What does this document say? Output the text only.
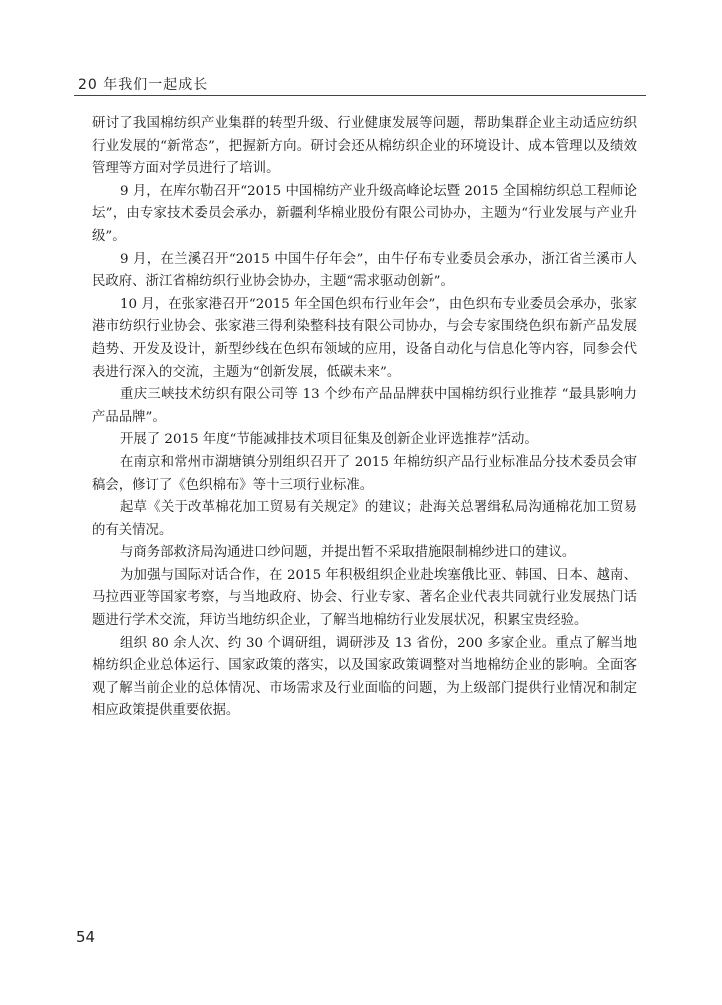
20 年我们一起成长

研讨了我国棉纺织产业集群的转型升级、行业健康发展等问题，帮助集群企业主动适应纺织行业发展的“新常态”，把握新方向。研讨会还从棉纺织企业的环境设计、成本管理以及绩效管理等方面对学员进行了培训。

9 月，在库尔勒召开“2015 中国棉纺产业升级高峰论坛暨 2015 全国棉纺织总工程师论坛”，由专家技术委员会承办，新疆利华棉业股份有限公司协办，主题为“行业发展与产业升级”。

9 月，在兰溪召开“2015 中国牛仔年会”，由牛仔布专业委员会承办，浙江省兰溪市人民政府、浙江省棉纺织行业协会协办，主题“需求驱动创新”。

10 月，在张家港召开“2015 年全国色织布行业年会”，由色织布专业委员会承办，张家港市纺织行业协会、张家港三得利染整科技有限公司协办，与会专家围绕色织布新产品发展趋势、开发及设计，新型纱线在色织布领域的应用，设备自动化与信息化等内容，同参会代表进行深入的交流，主题为“创新发展，低碳未来”。

重庆三峡技术纺织有限公司等 13 个纱布产品品牌获中国棉纺织行业推荐 “最具影响力产品品牌”。

开展了 2015 年度“节能减排技术项目征集及创新企业评选推荐”活动。

在南京和常州市湖塘镇分别组织召开了 2015 年棉纺织产品行业标准品分技术委员会审稿会，修订了《色织棉布》等十三项行业标准。

起草《关于改革棉花加工贸易有关规定》的建议；赴海关总署缉私局沟通棉花加工贸易的有关情况。

与商务部救济局沟通进口纱问题，并提出暂不采取措施限制棉纱进口的建议。

为加强与国际对话合作，在 2015 年积极组织企业赴埃塞俄比亚、韩国、日本、越南、马拉西亚等国家考察，与当地政府、协会、行业专家、著名企业代表共同就行业发展热门话题进行学术交流，拜访当地纺织企业，了解当地棉纺行业发展状况，积累宝贵经验。

组织 80 余人次、约 30 个调研组，调研涉及 13 省份，200 多家企业。重点了解当地棉纺织企业总体运行、国家政策的落实，以及国家政策调整对当地棉纺企业的影响。全面客观了解当前企业的总体情况、市场需求及行业面临的问题，为上级部门提供行业情况和制定相应政策提供重要依据。

54
